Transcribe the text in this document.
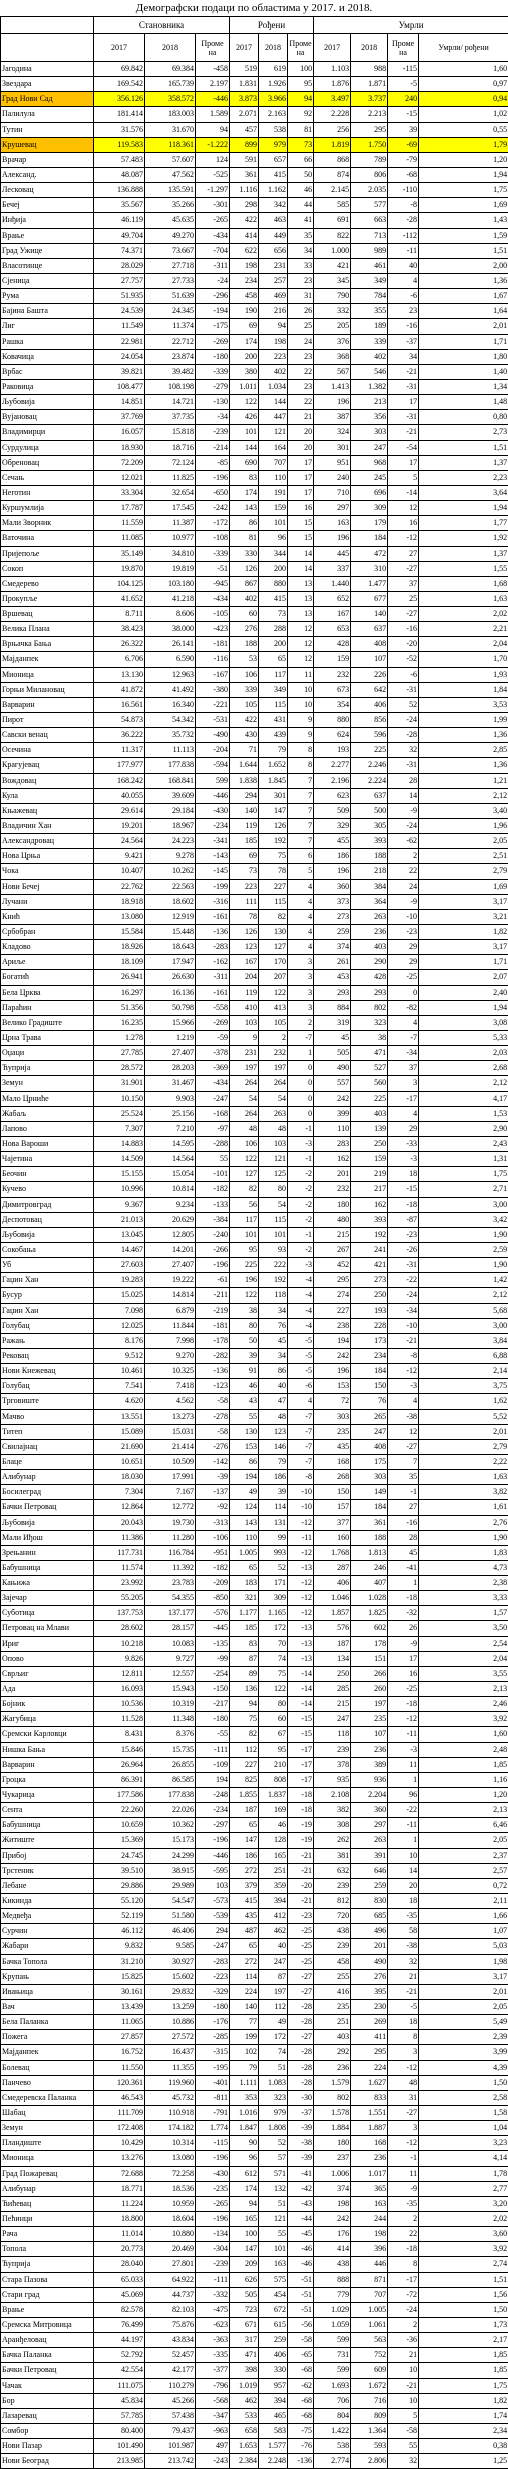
Демографски подаци по областима у 2017. и 2018.
	Становника			Рођени			Умрли			
	2017	2018	Проме на	2017	2018	Проме на	2017	2018	Проме на	Умрли/ рођени
Јагодина	69.842	69.384	-458	519	619	100	1.103	988	-115	1,60
Звездара	169.542	165.739	2.197	1.831	1.926	95	1.876	1.871	-5	0,97
Град Нови Сад	356.126	358.572	-446	3.873	3.966	94	3.497	3.737	240	0,94
Палилула	181.414	183.003	1.589	2.071	2.163	92	2.228	2.213	-15	1,02
Тутин	31.576	31.670	94	457	538	81	256	295	39	0,55
Крушевац	119.583	118.361	-1.222	899	979	73	1.819	1.750	-69	1,79
Врачар	57.483	57.607	124	591	657	66	868	789	-79	1,20
Александ.	48.087	47.562	-525	361	415	50	874	806	-68	1,94
Лесковац	136.888	135.591	-1.297	1.116	1.162	46	2.145	2.035	-110	1,75
Бечеј	35.567	35.266	-301	298	342	44	585	577	-8	1,69
Инђија	46.119	45.635	-265	422	463	41	691	663	-28	1,43
Врање	49.704	49.270	-434	414	449	35	822	713	-112	1,59
Град Ужице	74.371	73.667	-704	622	656	34	1.000	989	-11	1,51
Власотинце	28.029	27.718	-311	198	231	33	421	461	40	2,00
Сјеница	27.757	27.733	-24	234	257	23	345	349	4	1,36
Рума	51.935	51.639	-296	458	469	31	790	784	-6	1,67
Бајина Башта	24.539	24.345	-194	190	216	26	332	355	23	1,64
Лиг	11.549	11.374	-175	69	94	25	205	189	-16	2,01
Рашка	22.981	22.712	-269	174	198	24	376	339	-37	1,71
Ковачица	24.054	23.874	-180	200	223	23	368	402	34	1,80
Врбас	39.821	39.482	-339	380	402	22	567	546	-21	1,40
Раковица	108.477	108.198	-279	1.011	1.034	23	1.413	1.382	-31	1,34
Љубовија	14.851	14.721	-130	122	144	22	196	213	17	1,48
Вујановац	37.769	37.735	-34	426	447	21	387	356	-31	0,80
Владимирци	16.057	15.818	-239	101	121	20	324	303	-21	2,73
Сурдулица	18.930	18.716	-214	144	164	20	301	247	-54	1,51
Обреновац	72.209	72.124	-85	690	707	17	951	968	17	1,37
Сечањ	12.021	11.825	-196	83	110	17	240	245	5	2,23
Неготин	33.304	32.654	-650	174	191	17	710	696	-14	3,64
Куршумлија	17.787	17.545	-242	143	159	16	297	309	12	1,94
Мали Зворник	11.559	11.387	-172	86	101	15	163	179	16	1,77
Ваточина	11.085	10.977	-108	81	96	15	196	184	-12	1,92
Пријепоље	35.149	34.810	-339	330	344	14	445	472	27	1,37
Сокоп	19.870	19.819	-51	126	200	14	337	310	-27	1,55
Смедерево	104.125	103.180	-945	867	880	13	1.440	1.477	37	1,68
Прокупље	41.652	41.218	-434	402	415	13	652	677	25	1,63
Вршевац	8.711	8.606	-105	60	73	13	167	140	-27	2,02
Велика Плана	38.423	38.000	-423	276	288	12	653	637	-16	2,21
Врњачка Бања	26.322	26.141	-181	188	200	12	428	408	-20	2,04
Мајданпек	6.706	6.590	-116	53	65	12	159	107	-52	1,70
Мионица	13.130	12.963	-167	106	117	11	232	226	-6	1,93
Горњи Милановац	41.872	41.492	-380	339	349	10	673	642	-31	1,84
Варварин	16.561	16.340	-221	105	115	10	354	406	52	3,53
Пирот	54.873	54.342	-531	422	431	9	880	856	-24	1,99
Савски венац	36.222	35.732	-490	430	439	9	624	596	-28	1,36
Осечина	11.317	11.113	-204	71	79	8	193	225	32	2,85
Крагујевац	177.977	177.838	-594	1.644	1.652	8	2.277	2.246	-31	1,36
Вождовац	168.242	168.841	599	1.838	1.845	7	2.196	2.224	28	1,21
Кула	40.055	39.609	-446	294	301	7	623	637	14	2,12
Књажевац	29.614	29.184	-430	140	147	7	509	500	-9	3,40
Владичин Хан	19.201	18.967	-234	119	126	7	329	305	-24	1,96
Александровац	24.564	24.223	-341	185	192	7	455	393	-62	2,05
Нова Црња	9.421	9.278	-143	69	75	6	186	188	2	2,51
Чока	10.407	10.262	-145	73	78	5	196	218	22	2,79
Нови Бечеј	22.762	22.563	-199	223	227	4	360	384	24	1,69
Лучани	18.918	18.602	-316	111	115	4	373	364	-9	3,17
Кнић	13.080	12.919	-161	78	82	4	273	263	-10	3,21
Србобран	15.584	15.448	-136	126	130	4	259	236	-23	1,82
Кладово	18.926	18.643	-283	123	127	4	374	403	29	3,17
Ариље	18.109	17.947	-162	167	170	3	261	290	29	1,71
Богатић	26.941	26.630	-311	204	207	3	453	428	-25	2,07
Бела Црква	16.297	16.136	-161	119	122	3	293	293	0	2,40
Параћин	51.356	50.798	-558	410	413	3	884	802	-82	1,94
Велико Градиште	16.235	15.966	-269	103	105	2	319	323	4	3,08
Црна Трава	1.278	1.219	-59	9	2	-7	45	38	-7	5,33
Оџаци	27.785	27.407	-378	231	232	1	505	471	-34	2,03
Ћуприја	28.572	28.203	-369	197	197	0	490	527	37	2,68
Земун	31.901	31.467	-434	264	264	0	557	560	3	2,12
Мало Црниће	10.150	9.903	-247	54	54	0	242	225	-17	4,17
Жабаљ	25.524	25.156	-168	264	263	0	399	403	4	1,53
Лапово	7.307	7.210	-97	48	48	-1	110	139	29	2,90
Нова Вароши	14.883	14.595	-288	106	103	-3	283	250	-33	2,43
Чајетина	14.509	14.564	55	122	121	-1	162	159	-3	1,31
Беочин	15.155	15.054	-101	127	125	-2	201	219	18	1,75
Кучево	10.996	10.814	-182	82	80	-2	232	217	-15	2,71
Димитровград	9.367	9.234	-133	56	54	-2	180	162	-18	3,00
Деспотовац	21.013	20.629	-384	117	115	-2	480	393	-87	3,42
Љубовија	13.045	12.805	-240	101	101	-1	215	192	-23	1,90
Сокобања	14.467	14.201	-266	95	93	-2	267	241	-26	2,59
Уб	27.603	27.407	-196	225	222	-3	452	421	-31	1,90
Гаџин Хан	19.283	19.222	-61	196	192	-4	295	273	-22	1,42
Бусур	15.025	14.814	-211	122	118	-4	274	250	-24	2,12
Гаџин Хан	7.098	6.879	-219	38	34	-4	227	193	-34	5,68
Голубац	12.025	11.844	-181	80	76	-4	238	228	-10	3,00
Ражањ	8.176	7.998	-178	50	45	-5	194	173	-21	3,84
Рековац	9.512	9.270	-282	39	34	-5	242	234	-8	6,88
Нови Кнежевац	10.461	10.325	-136	91	86	-5	196	184	-12	2,14
Голубац	7.541	7.418	-123	46	40	-6	153	150	-3	3,75
Трговиште	4.620	4.562	-58	43	47	4	72	76	4	1,62
Мачво	13.551	13.273	-278	55	48	-7	303	265	-38	5,52
Титеп	15.089	15.031	-58	130	123	-7	235	247	12	2,01
Свилајнац	21.690	21.414	-276	153	146	-7	435	408	-27	2,79
Блаце	10.651	10.509	-142	86	79	-7	168	175	7	2,22
Алибунар	18.030	17.991	-39	194	186	-8	268	303	35	1,63
Босилеград	7.304	7.167	-137	49	39	-10	150	149	-1	3,82
Бачки Петровац	12.864	12.772	-92	124	114	-10	157	184	27	1,61
Љубовија	20.043	19.730	-313	143	131	-12	377	361	-16	2,76
Мали Иђош	11.386	11.280	-106	110	99	-11	160	188	28	1,90
Зрењанин	117.731	116.784	-951	1.005	993	-12	1.768	1.813	45	1,83
Бабушница	11.574	11.392	-182	65	52	-13	287	246	-41	4,73
Кањижа	23.992	23.783	-209	183	171	-12	406	407	1	2,38
Зајечар	55.205	54.355	-850	321	309	-12	1.046	1.028	-18	3,33
Суботица	137.753	137.177	-576	1.177	1.165	-12	1.857	1.825	-32	1,57
Петровац на Млави	28.602	28.157	-445	185	172	-13	576	602	26	3,50
Ириг	10.218	10.083	-135	83	70	-13	187	178	-9	2,54
Опово	9.826	9.727	-99	87	74	-13	134	151	17	2,04
Сврљиг	12.811	12.557	-254	89	75	-14	250	266	16	3,55
Ада	16.093	15.943	-150	136	122	-14	285	260	-25	2,13
Бојник	10.536	10.319	-217	94	80	-14	215	197	-18	2,46
Жагубица	11.528	11.348	-180	75	60	-15	247	235	-12	3,92
Сремски Карловци	8.431	8.376	-55	82	67	-15	118	107	-11	1,60
Нишка Бања	15.846	15.735	-111	112	95	-17	239	236	-3	2,48
Варварин	26.964	26.855	-109	227	210	-17	378	389	11	1,85
Гроцка	86.391	86.585	194	825	808	-17	935	936	1	1,16
Чукарица	177.586	177.838	-248	1.855	1.837	-18	2.108	2.204	96	1,20
Сента	22.260	22.026	-234	187	169	-18	382	360	-22	2,13
Бабушница	10.659	10.362	-297	65	46	-19	308	297	-11	6,46
Житиште	15.369	15.173	-196	147	128	-19	262	263	1	2,05
Прибој	24.745	24.299	-446	186	165	-21	381	391	10	2,37
Трстеник	39.510	38.915	-595	272	251	-21	632	646	14	2,57
Лебане	29.886	29.989	103	379	359	-20	239	259	20	0,72
Кикинда	55.120	54.547	-573	415	394	-21	812	830	18	2,11
Медвеђа	52.119	51.580	-539	435	412	-23	720	685	-35	1,66
Сурчин	46.112	46.406	294	487	462	-25	438	496	58	1,07
Жабари	9.832	9.585	-247	65	40	-25	239	201	-38	5,03
Бачка Топола	31.210	30.927	-283	272	247	-25	458	490	32	1,98
Крупањ	15.825	15.602	-223	114	87	-27	255	276	21	3,17
Ивањица	30.161	29.832	-329	224	197	-27	416	395	-21	2,01
Вач	13.439	13.259	-180	140	112	-28	235	230	-5	2,05
Бела Паланка	11.065	10.886	-176	77	49	-28	251	269	18	5,49
Пожега	27.857	27.572	-285	199	172	-27	403	411	8	2,39
Мајданпек	16.752	16.437	-315	102	74	-28	292	295	3	3,99
Болевац	11.550	11.355	-195	79	51	-28	236	224	-12	4,39
Панчево	120.361	119.960	-401	1.111	1.083	-28	1.579	1.627	48	1,50
Смедеревска Паланка	46.543	45.732	-811	353	323	-30	802	833	31	2,58
Шабац	111.709	110.918	-791	1.016	979	-37	1.578	1.551	-27	1,58
Земун	172.408	174.182	1.774	1.847	1.808	-39	1.884	1.887	3	1,04
Пландиште	10.429	10.314	-115	90	52	-38	180	168	-12	3,23
Мионица	13.276	13.080	-196	96	57	-39	237	236	-1	4,14
Град Пожаревац	72.688	72.258	-430	612	571	-41	1.006	1.017	11	1,78
Алибунар	18.771	18.536	-235	174	132	-42	374	365	-9	2,77
Ћићевац	11.224	10.959	-265	94	51	-43	198	163	-35	3,20
Пећинци	18.800	18.604	-196	165	121	-44	242	244	2	2,02
Рача	11.014	10.880	-134	100	55	-45	176	198	22	3,60
Топола	20.773	20.469	-304	147	101	-46	414	396	-18	3,92
Ћуприја	28.040	27.801	-239	209	163	-46	438	446	8	2,74
Стара Пазова	65.033	64.922	-111	626	575	-51	888	871	-17	1,51
Стари град	45.069	44.737	-332	505	454	-51	779	707	-72	1,56
Врање	82.578	82.103	-475	723	672	-51	1.029	1.005	-24	1,50
Сремска Митровица	76.499	75.876	-623	671	615	-56	1.059	1.061	2	1,73
Аранђеловац	44.197	43.834	-363	317	259	-58	599	563	-36	2,17
Бачка Паланка	52.792	52.457	-335	471	406	-65	731	752	21	1,85
Бачки Петровац	42.554	42.177	-377	398	330	-68	599	609	10	1,85
Чачак	111.075	110.279	-796	1.019	957	-62	1.693	1.672	-21	1,75
Бор	45.834	45.266	-568	462	394	-68	706	716	10	1,82
Лазаревац	57.785	57.438	-347	533	465	-68	804	809	5	1,74
Сомбор	80.400	79.437	-963	658	583	-75	1.422	1.364	-58	2,34
Нови Пазар	101.490	101.987	497	1.653	1.577	-76	538	593	55	0,38
Нови Београд	213.985	213.742	-243	2.384	2.248	-136	2.774	2.806	32	1,25
